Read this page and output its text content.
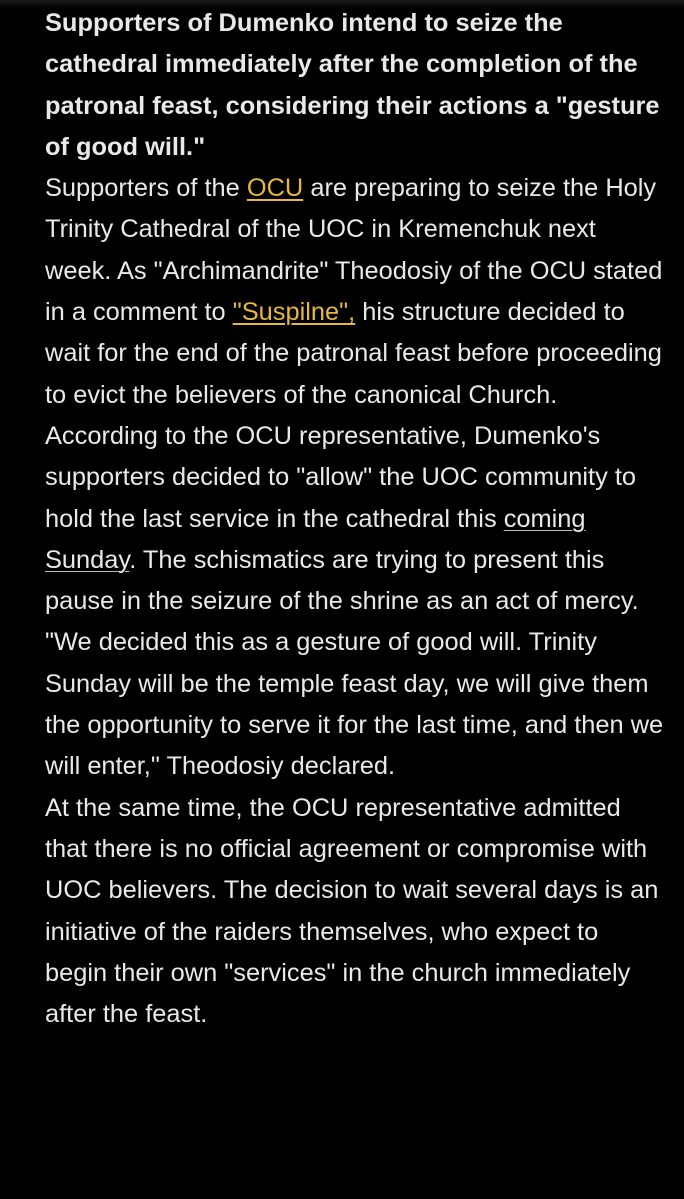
Supporters of Dumenko intend to seize the cathedral immediately after the completion of the patronal feast, considering their actions a "gesture of good will."

Supporters of the OCU are preparing to seize the Holy Trinity Cathedral of the UOC in Kremenchuk next week. As "Archimandrite" Theodosiy of the OCU stated in a comment to "Suspilne", his structure decided to wait for the end of the patronal feast before proceeding to evict the believers of the canonical Church.

According to the OCU representative, Dumenko's supporters decided to "allow" the UOC community to hold the last service in the cathedral this coming Sunday. The schismatics are trying to present this pause in the seizure of the shrine as an act of mercy.

"We decided this as a gesture of good will. Trinity Sunday will be the temple feast day, we will give them the opportunity to serve it for the last time, and then we will enter," Theodosiy declared.

At the same time, the OCU representative admitted that there is no official agreement or compromise with UOC believers. The decision to wait several days is an initiative of the raiders themselves, who expect to begin their own "services" in the church immediately after the feast.
